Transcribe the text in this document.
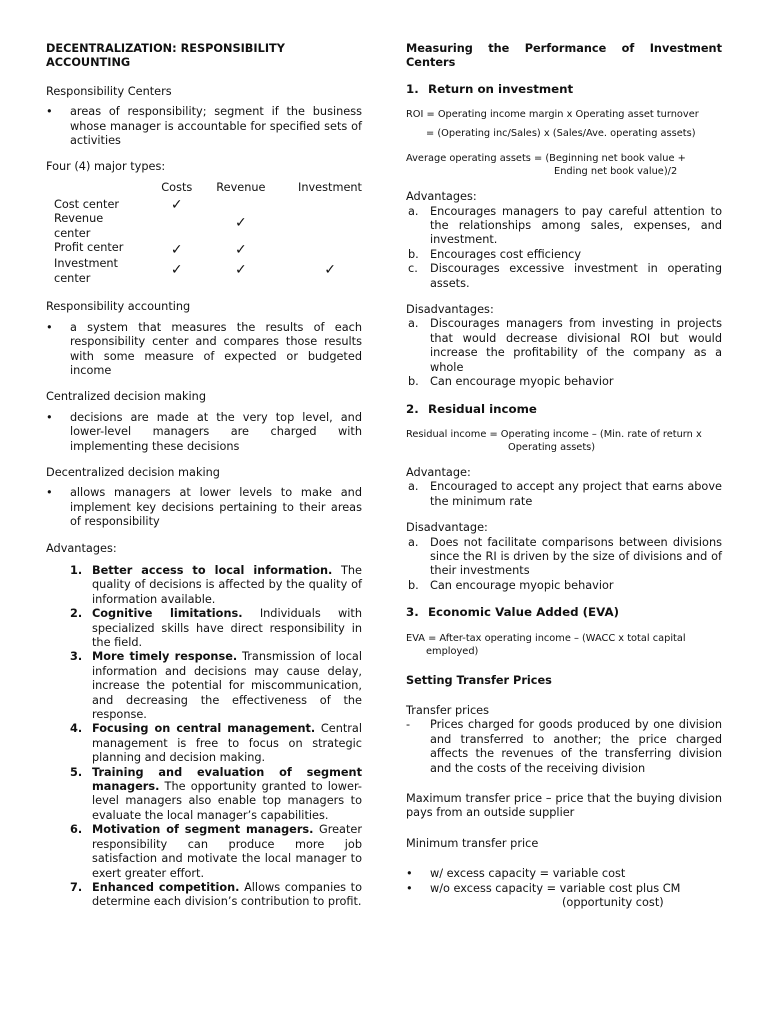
DECENTRALIZATION: RESPONSIBILITY
ACCOUNTING

Responsibility Centers

• areas of responsibility; segment if the business whose manager is accountable for specified sets of activities

Four (4) major types:

	Costs	Revenue	Investment
Cost center	✓		
Revenue center		✓	
Profit center	✓	✓	

Investment
center	✓	✓	✓

Responsibility accounting

• a system that measures the results of each responsibility center and compares those results with some measure of expected or budgeted income

Centralized decision making

• decisions are made at the very top level, and lower-level managers are charged with implementing these decisions

Decentralized decision making

• allows managers at lower levels to make and implement key decisions pertaining to their areas of responsibility

Advantages:

1. Better access to local information. The quality of decisions is affected by the quality of information available.
2. Cognitive limitations. Individuals with specialized skills have direct responsibility in the field.
3. More timely response. Transmission of local information and decisions may cause delay, increase the potential for miscommunication, and decreasing the effectiveness of the response.
4. Focusing on central management. Central management is free to focus on strategic planning and decision making.
5. Training and evaluation of segment managers. The opportunity granted to lower-level managers also enable top managers to evaluate the local manager’s capabilities.
6. Motivation of segment managers. Greater responsibility can produce more job satisfaction and motivate the local manager to exert greater effort.
7. Enhanced competition. Allows companies to determine each division’s contribution to profit.

Measuring the Performance of Investment

Centers

1. Return on investment
ROI = Operating income margin x Operating asset turnover
= (Operating inc/Sales) x (Sales/Ave. operating assets)
Average operating assets = (Beginning net book value +
Ending net book value)/2

Advantages:

a. Encourages managers to pay careful attention to the relationships among sales, expenses, and investment.
b. Encourages cost efficiency
c. Discourages excessive investment in operating assets.

Disadvantages:

a. Discourages managers from investing in projects that would decrease divisional ROI but would increase the profitability of the company as a whole
b. Can encourage myopic behavior
2. Residual income
Residual income = Operating income – (Min. rate of return x
Operating assets)

Advantage:

a. Encouraged to accept any project that earns above the minimum rate

Disadvantage:

a. Does not facilitate comparisons between divisions since the RI is driven by the size of divisions and of their investments
b. Can encourage myopic behavior
3. Economic Value Added (EVA)
EVA = After-tax operating income – (WACC x total capital
employed)

Setting Transfer Prices

Transfer prices

- Prices charged for goods produced by one division and transferred to another; the price charged affects the revenues of the transferring division and the costs of the receiving division

Maximum transfer price – price that the buying division pays from an outside supplier

Minimum transfer price

• w/ excess capacity = variable cost
• w/o excess capacity = variable cost plus CM
(opportunity cost)
